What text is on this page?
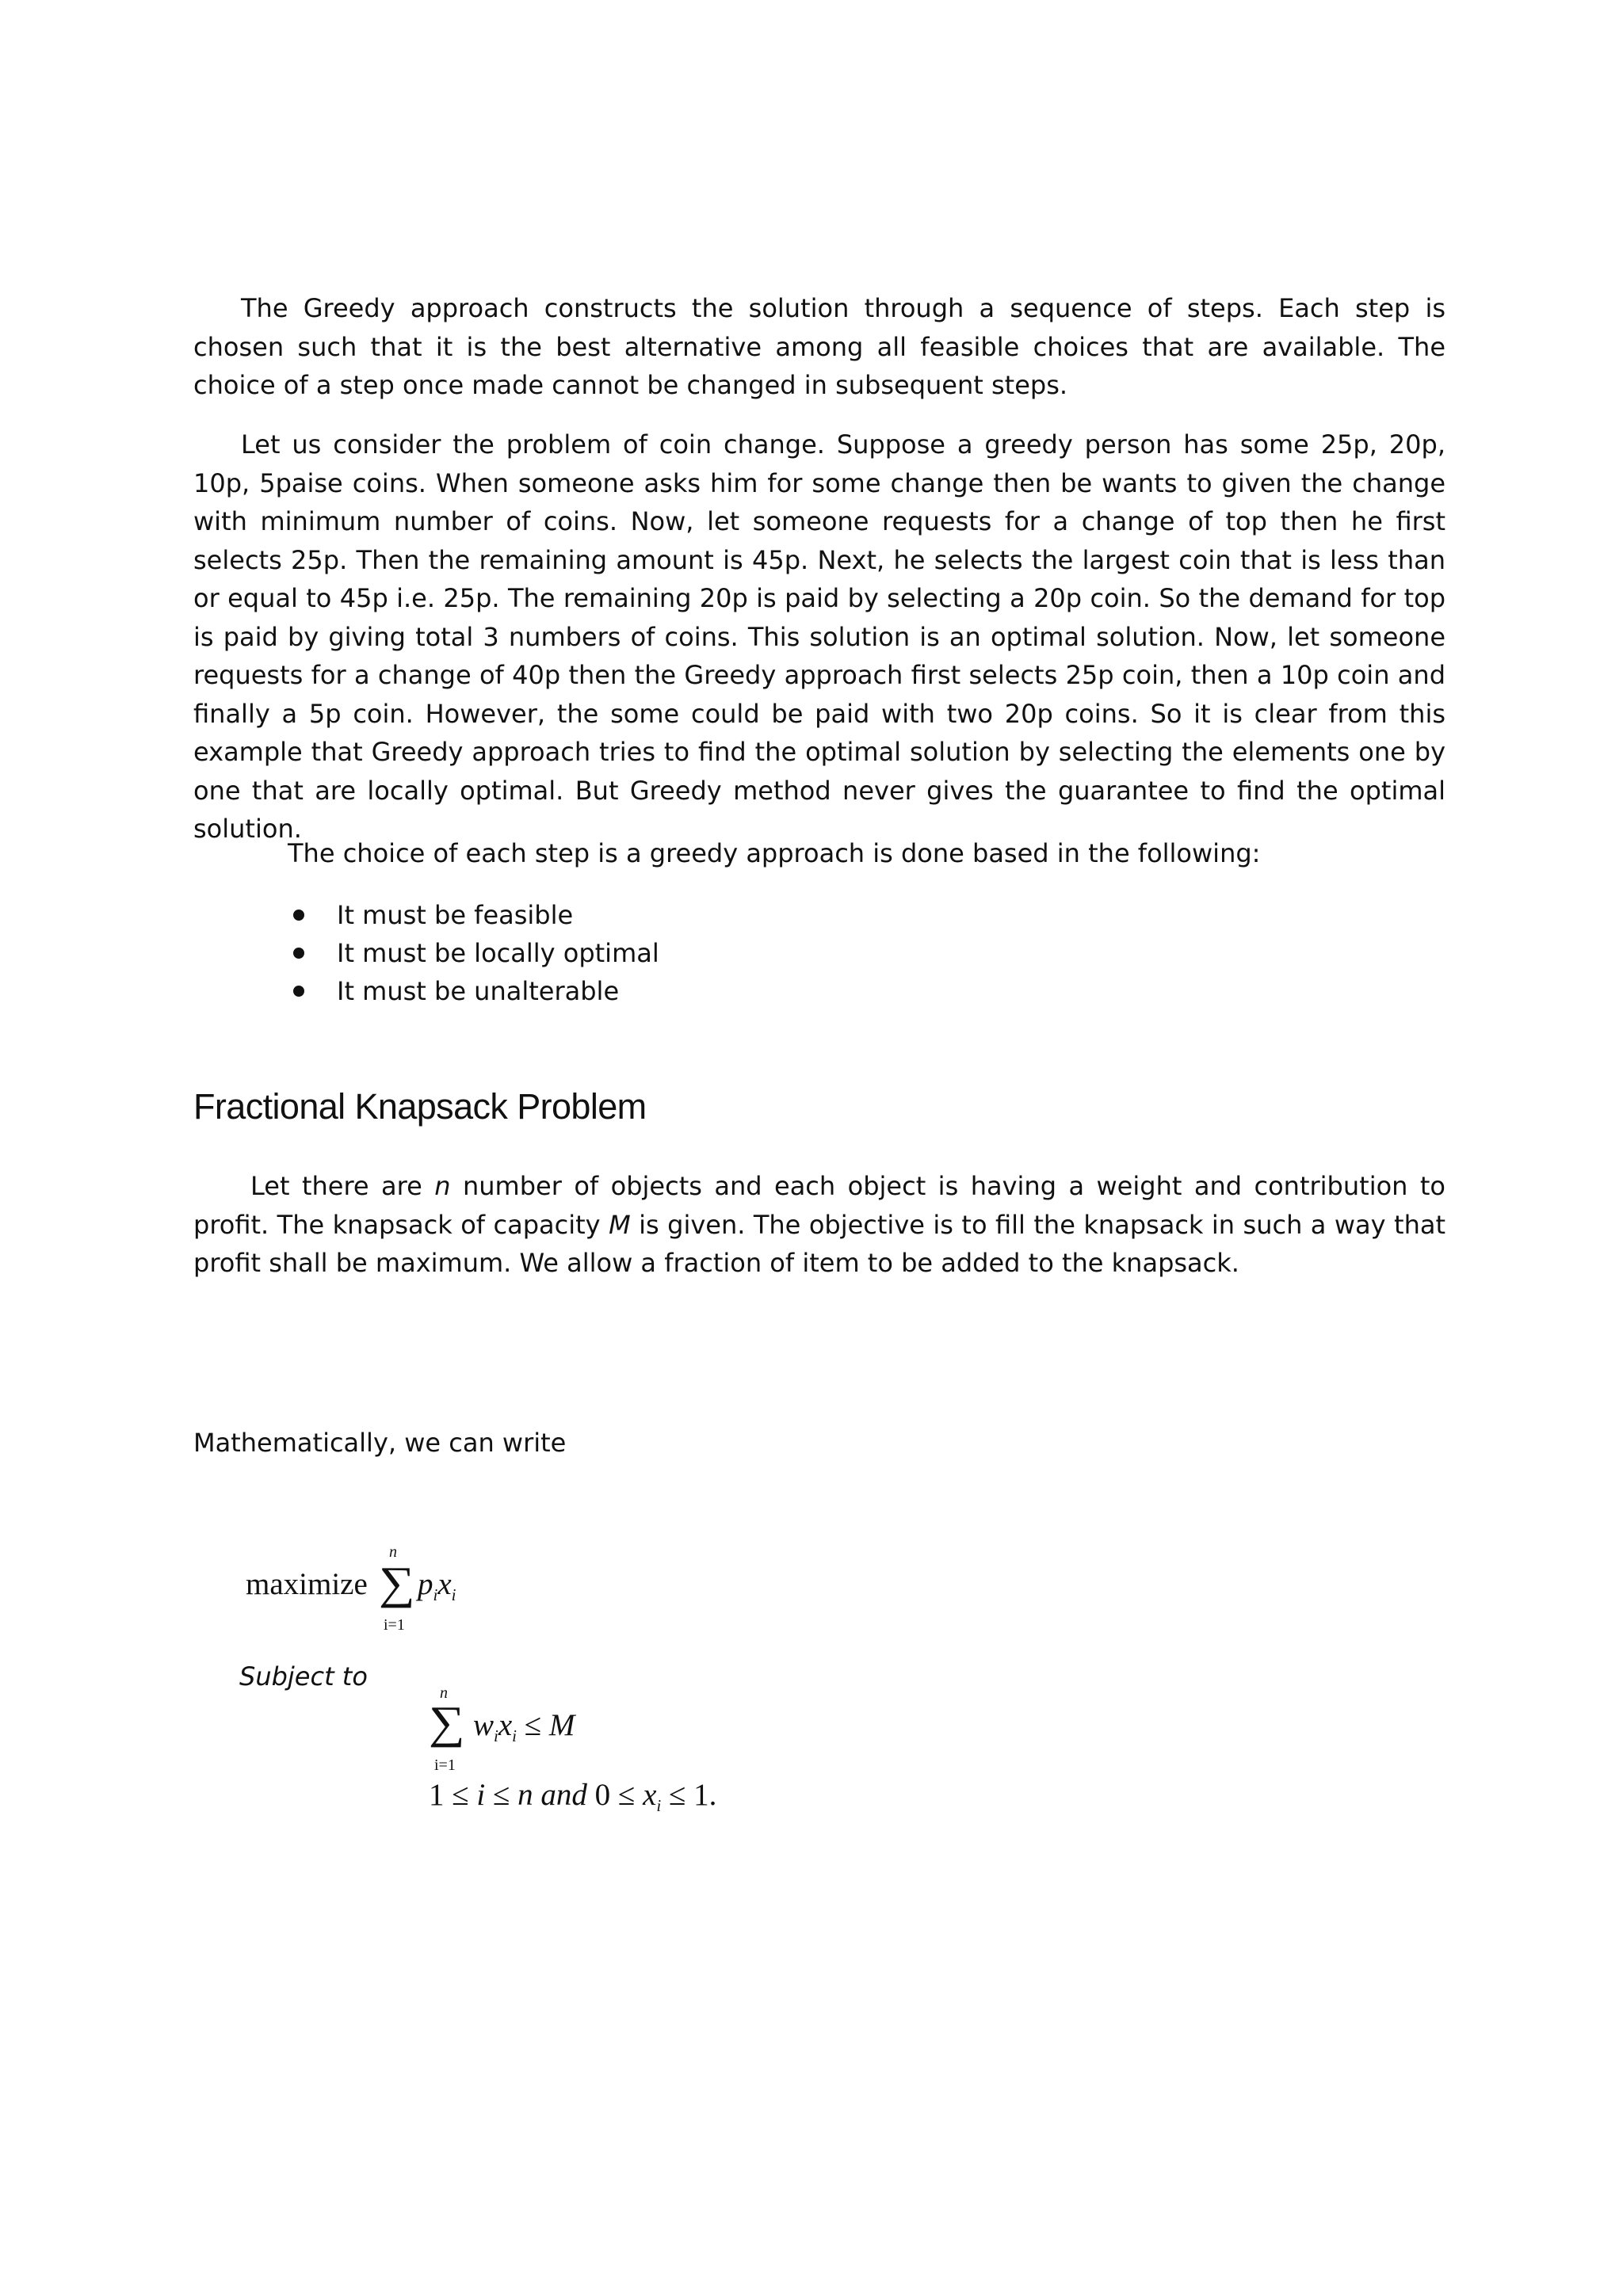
The Greedy approach constructs the solution through a sequence of steps. Each step is chosen such that it is the best alternative among all feasible choices that are available. The choice of a step once made cannot be changed in subsequent steps.

Let us consider the problem of coin change. Suppose a greedy person has some 25p, 20p, 10p, 5paise coins. When someone asks him for some change then be wants to given the change with minimum number of coins. Now, let someone requests for a change of top then he first selects 25p. Then the remaining amount is 45p. Next, he selects the largest coin that is less than or equal to 45p i.e. 25p. The remaining 20p is paid by selecting a 20p coin. So the demand for top is paid by giving total 3 numbers of coins. This solution is an optimal solution. Now, let someone requests for a change of 40p then the Greedy approach first selects 25p coin, then a 10p coin and finally a 5p coin. However, the some could be paid with two 20p coins. So it is clear from this example that Greedy approach tries to find the optimal solution by selecting the elements one by one that are locally optimal. But Greedy method never gives the guarantee to find the optimal solution.

The choice of each step is a greedy approach is done based in the following:

It must be feasible
It must be locally optimal
It must be unalterable
Fractional Knapsack Problem

Let there are n number of objects and each object is having a weight and contribution to profit. The knapsack of capacity M is given. The objective is to fill the knapsack in such a way that profit shall be maximum. We allow a fraction of item to be added to the knapsack.

Mathematically, we can write

maximize
n
∑
i=1
$p_ix_i$
Subject to
n
∑
i=1
$w_ix_i \le M$
1 ≤ i ≤ n and $0 \le x_i \le 1$.
